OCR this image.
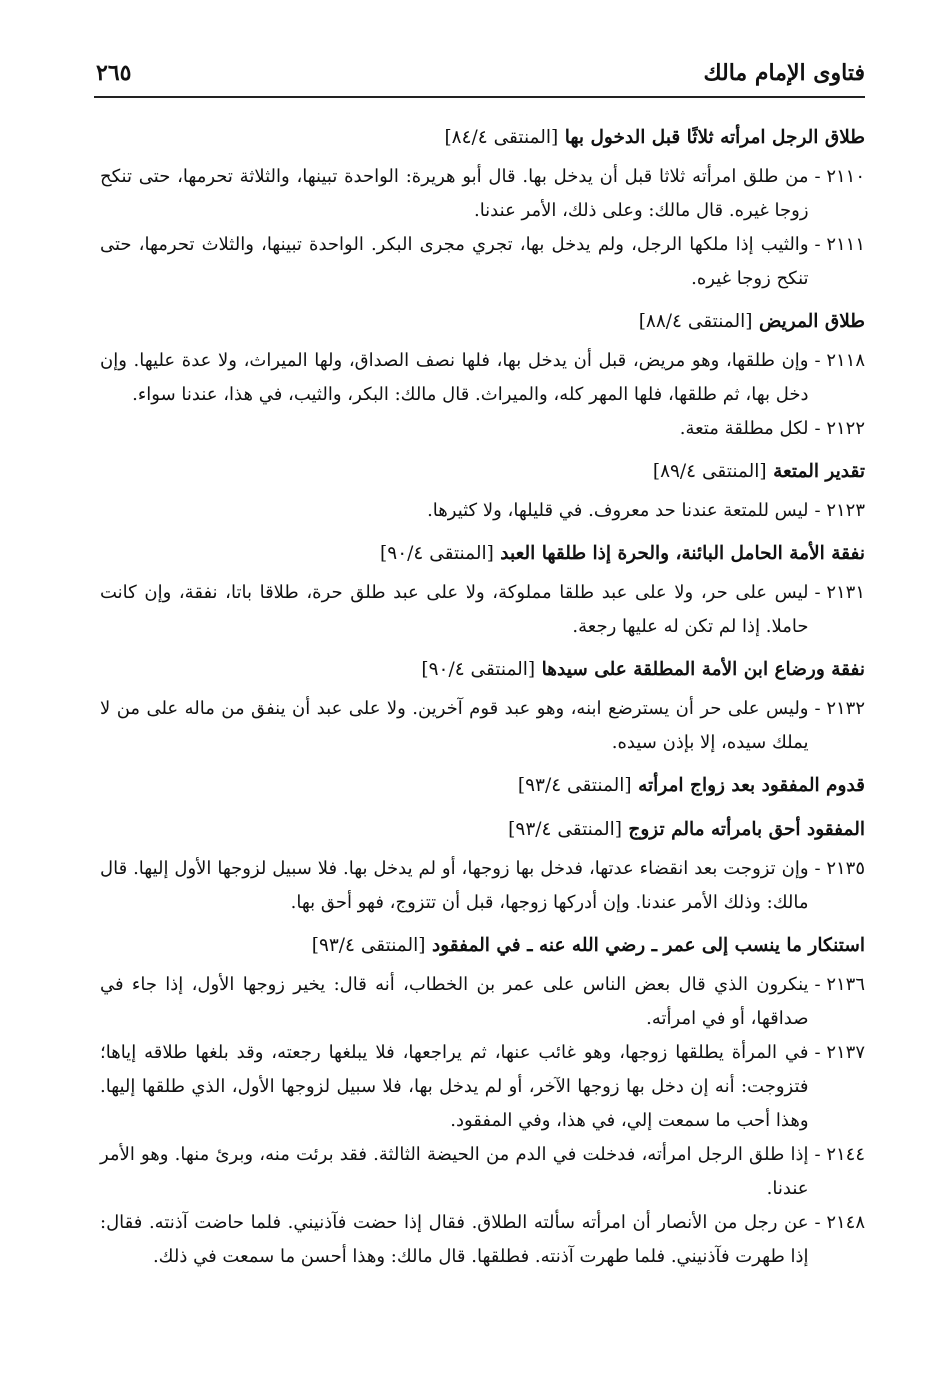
فتاوى الإمام مالك
٢٦٥
طلاق الرجل امرأته ثلاثًا قبل الدخول بها [المنتقى ٨٤/٤]
٢١١٠ -
من طلق امرأته ثلاثا قبل أن يدخل بها. قال أبو هريرة: الواحدة تبينها، والثلاثة تحرمها، حتى تنكح زوجا غيره. قال مالك: وعلى ذلك، الأمر عندنا.
٢١١١ -
والثيب إذا ملكها الرجل، ولم يدخل بها، تجري مجرى البكر. الواحدة تبينها، والثلاث تحرمها، حتى تنكح زوجا غيره.
طلاق المريض [المنتقى ٨٨/٤]
٢١١٨ -
وإن طلقها، وهو مريض، قبل أن يدخل بها، فلها نصف الصداق، ولها الميراث، ولا عدة عليها. وإن دخل بها، ثم طلقها، فلها المهر كله، والميراث. قال مالك: البكر، والثيب، في هذا، عندنا سواء.
٢١٢٢ -
لكل مطلقة متعة.
تقدير المتعة [المنتقى ٨٩/٤]
٢١٢٣ -
ليس للمتعة عندنا حد معروف. في قليلها، ولا كثيرها.
نفقة الأمة الحامل البائنة، والحرة إذا طلقها العبد [المنتقى ٩٠/٤]
٢١٣١ -
ليس على حر، ولا على عبد طلقا مملوكة، ولا على عبد طلق حرة، طلاقا باتا، نفقة، وإن كانت حاملا. إذا لم تكن له عليها رجعة.
نفقة ورضاع ابن الأمة المطلقة على سيدها [المنتقى ٩٠/٤]
٢١٣٢ -
وليس على حر أن يسترضع ابنه، وهو عبد قوم آخرين. ولا على عبد أن ينفق من ماله على من لا يملك سيده، إلا بإذن سيده.
قدوم المفقود بعد زواج امرأته [المنتقى ٩٣/٤]
المفقود أحق بامرأته مالم تزوج [المنتقى ٩٣/٤]
٢١٣٥ -
وإن تزوجت بعد انقضاء عدتها، فدخل بها زوجها، أو لم يدخل بها. فلا سبيل لزوجها الأول إليها. قال مالك: وذلك الأمر عندنا. وإن أدركها زوجها، قبل أن تتزوج، فهو أحق بها.
استنكار ما ينسب إلى عمر ـ رضي الله عنه ـ في المفقود [المنتقى ٩٣/٤]
٢١٣٦ -
ينكرون الذي قال بعض الناس على عمر بن الخطاب، أنه قال: يخير زوجها الأول، إذا جاء في صداقها، أو في امرأته.
٢١٣٧ -
في المرأة يطلقها زوجها، وهو غائب عنها، ثم يراجعها، فلا يبلغها رجعته، وقد بلغها طلاقه إياها؛ فتزوجت: أنه إن دخل بها زوجها الآخر، أو لم يدخل بها، فلا سبيل لزوجها الأول، الذي طلقها إليها. وهذا أحب ما سمعت إلي، في هذا، وفي المفقود.
٢١٤٤ -
إذا طلق الرجل امرأته، فدخلت في الدم من الحيضة الثالثة. فقد برئت منه، وبرئ منها. وهو الأمر عندنا.
٢١٤٨ -
عن رجل من الأنصار أن امرأته سألته الطلاق. فقال إذا حضت فآذنيني. فلما حاضت آذنته. فقال: إذا طهرت فآذنيني. فلما طهرت آذنته. فطلقها. قال مالك: وهذا أحسن ما سمعت في ذلك.
